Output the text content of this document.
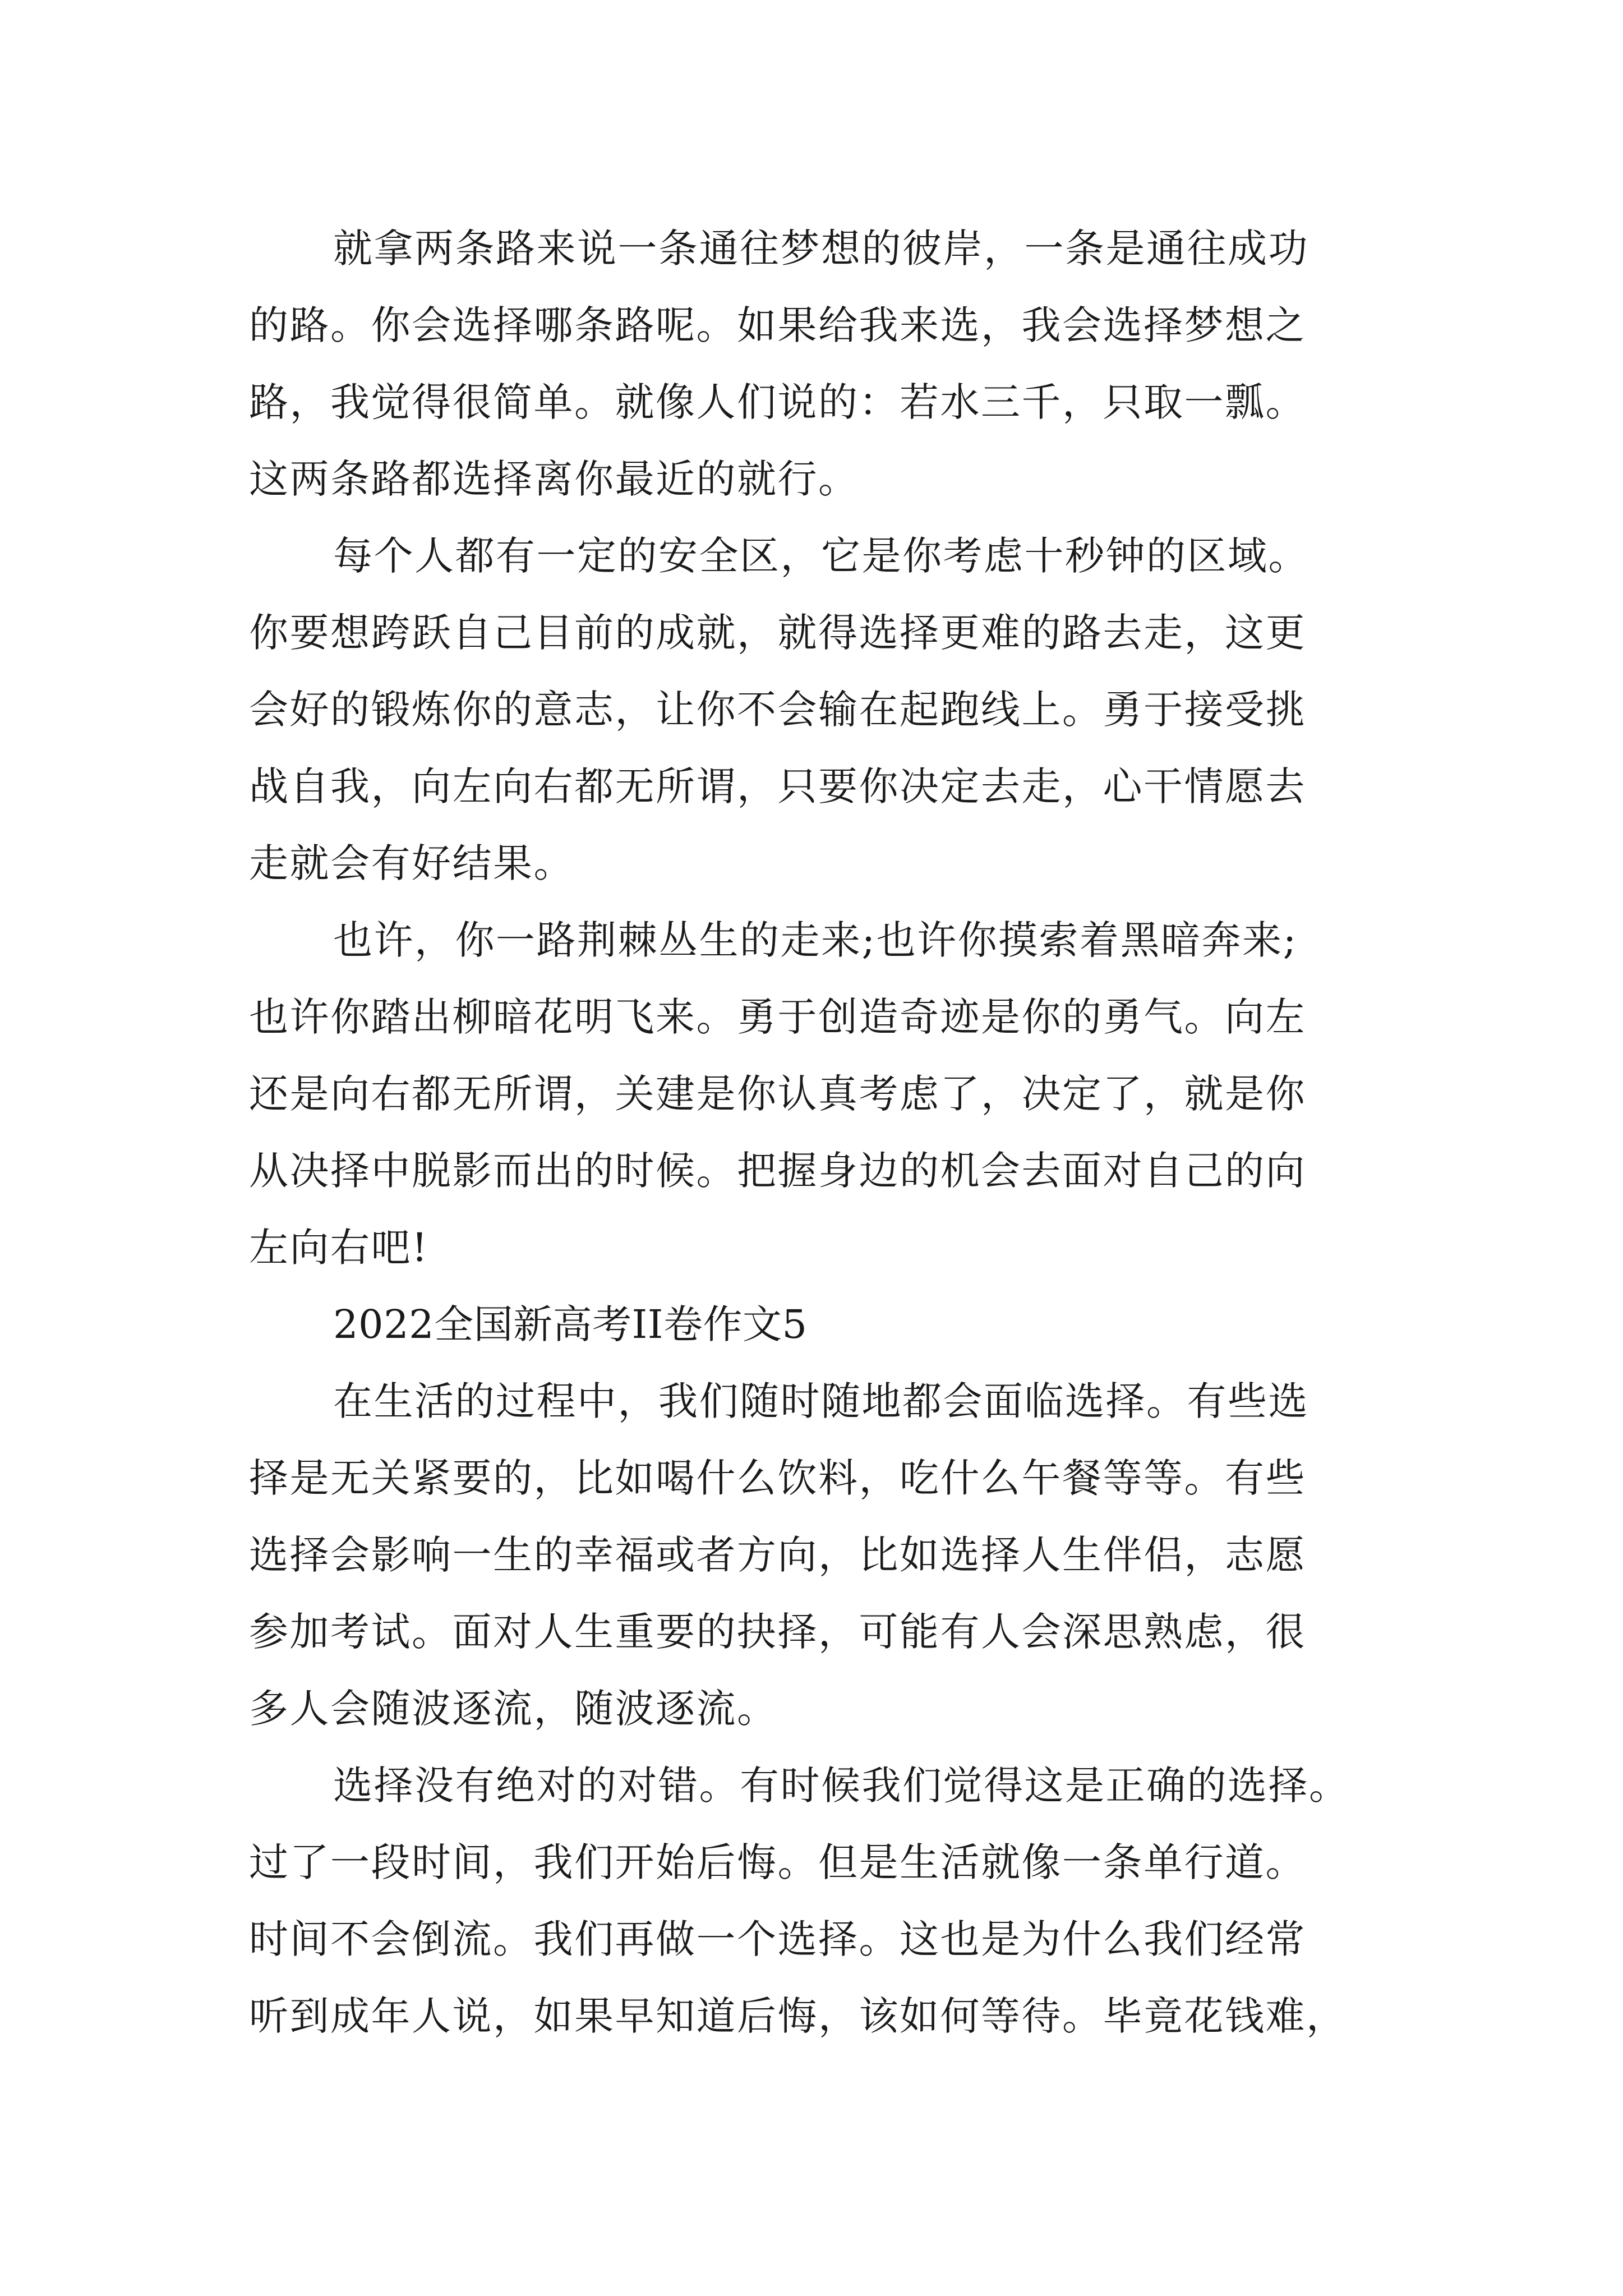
就拿两条路来说一条通往梦想的彼岸，一条是通往成功
的路。你会选择哪条路呢。如果给我来选，我会选择梦想之
路，我觉得很简单。就像人们说的：若水三千，只取一瓢。
这两条路都选择离你最近的就行。
每个人都有一定的安全区，它是你考虑十秒钟的区域。
你要想跨跃自己目前的成就，就得选择更难的路去走，这更
会好的锻炼你的意志，让你不会输在起跑线上。勇于接受挑
战自我，向左向右都无所谓，只要你决定去走，心干情愿去
走就会有好结果。
也许，你一路荆棘丛生的走来;也许你摸索着黑暗奔来;
也许你踏出柳暗花明飞来。勇于创造奇迹是你的勇气。向左
还是向右都无所谓，关建是你认真考虑了，决定了，就是你
从决择中脱影而出的时候。把握身边的机会去面对自己的向
左向右吧!
2022全国新高考II卷作文5
在生活的过程中，我们随时随地都会面临选择。有些选
择是无关紧要的，比如喝什么饮料，吃什么午餐等等。有些
选择会影响一生的幸福或者方向，比如选择人生伴侣，志愿
参加考试。面对人生重要的抉择，可能有人会深思熟虑，很
多人会随波逐流，随波逐流。
选择没有绝对的对错。有时候我们觉得这是正确的选择。
过了一段时间，我们开始后悔。但是生活就像一条单行道。
时间不会倒流。我们再做一个选择。这也是为什么我们经常
听到成年人说，如果早知道后悔，该如何等待。毕竟花钱难，
